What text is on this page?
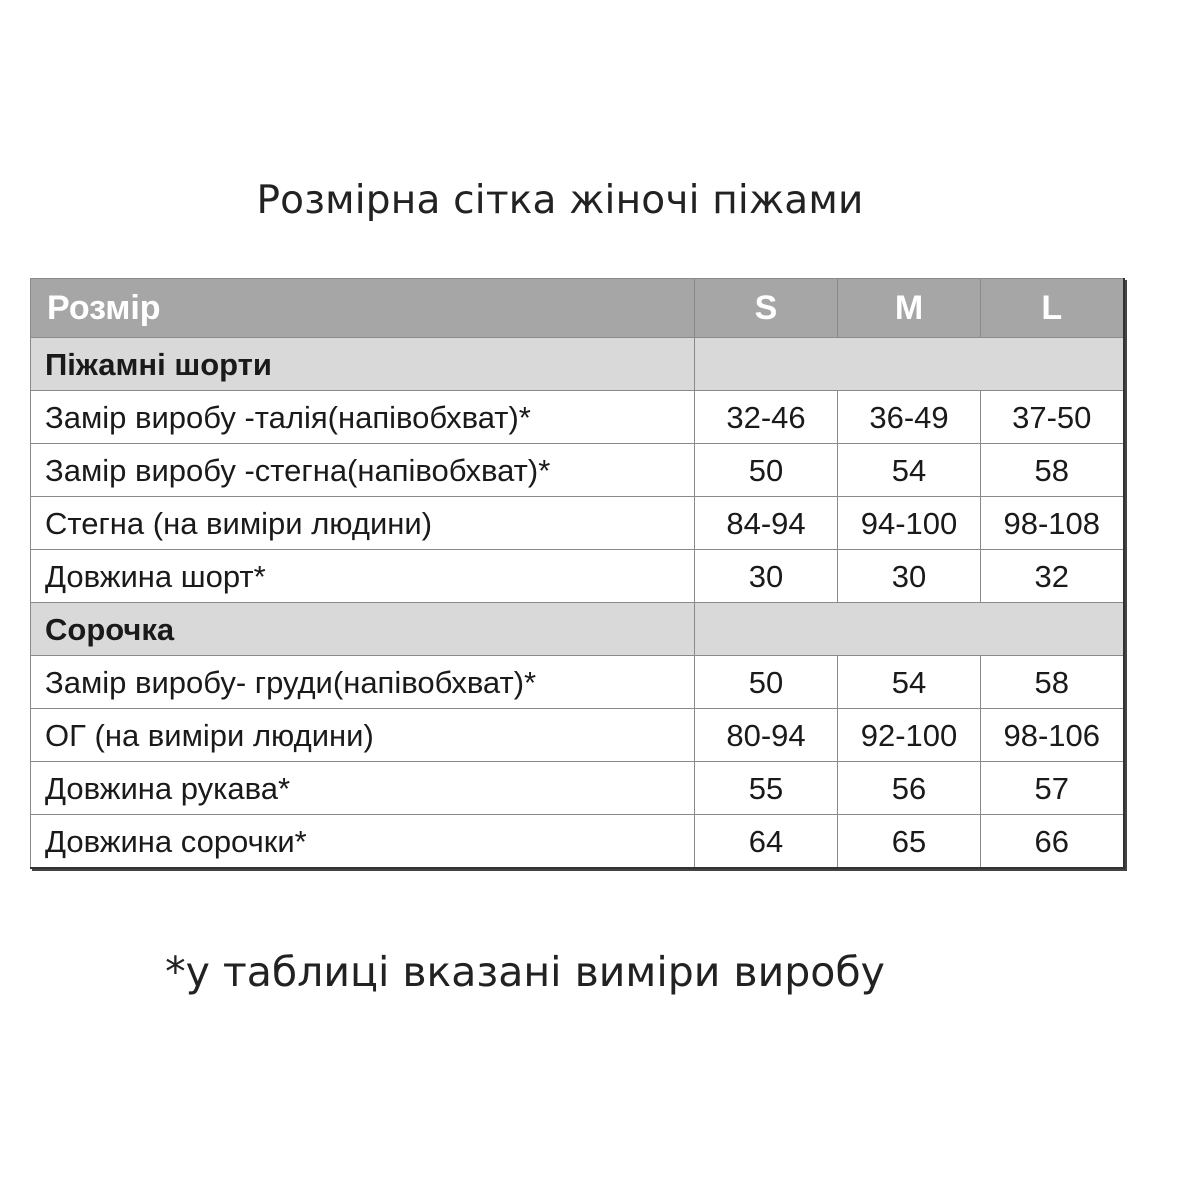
Розмірна сітка жіночі піжами
Розмір	S	M	L
Піжамні шорти			
Замір виробу -талія(напівобхват)*	32-46	36-49	37-50
Замір виробу -стегна(напівобхват)*	50	54	58
Стегна (на виміри людини)	84-94	94-100	98-108
Довжина шорт*	30	30	32
Сорочка			
Замір виробу- груди(напівобхват)*	50	54	58
ОГ (на виміри людини)	80-94	92-100	98-106
Довжина рукава*	55	56	57
Довжина сорочки*	64	65	66
*у таблиці вказані виміри виробу
